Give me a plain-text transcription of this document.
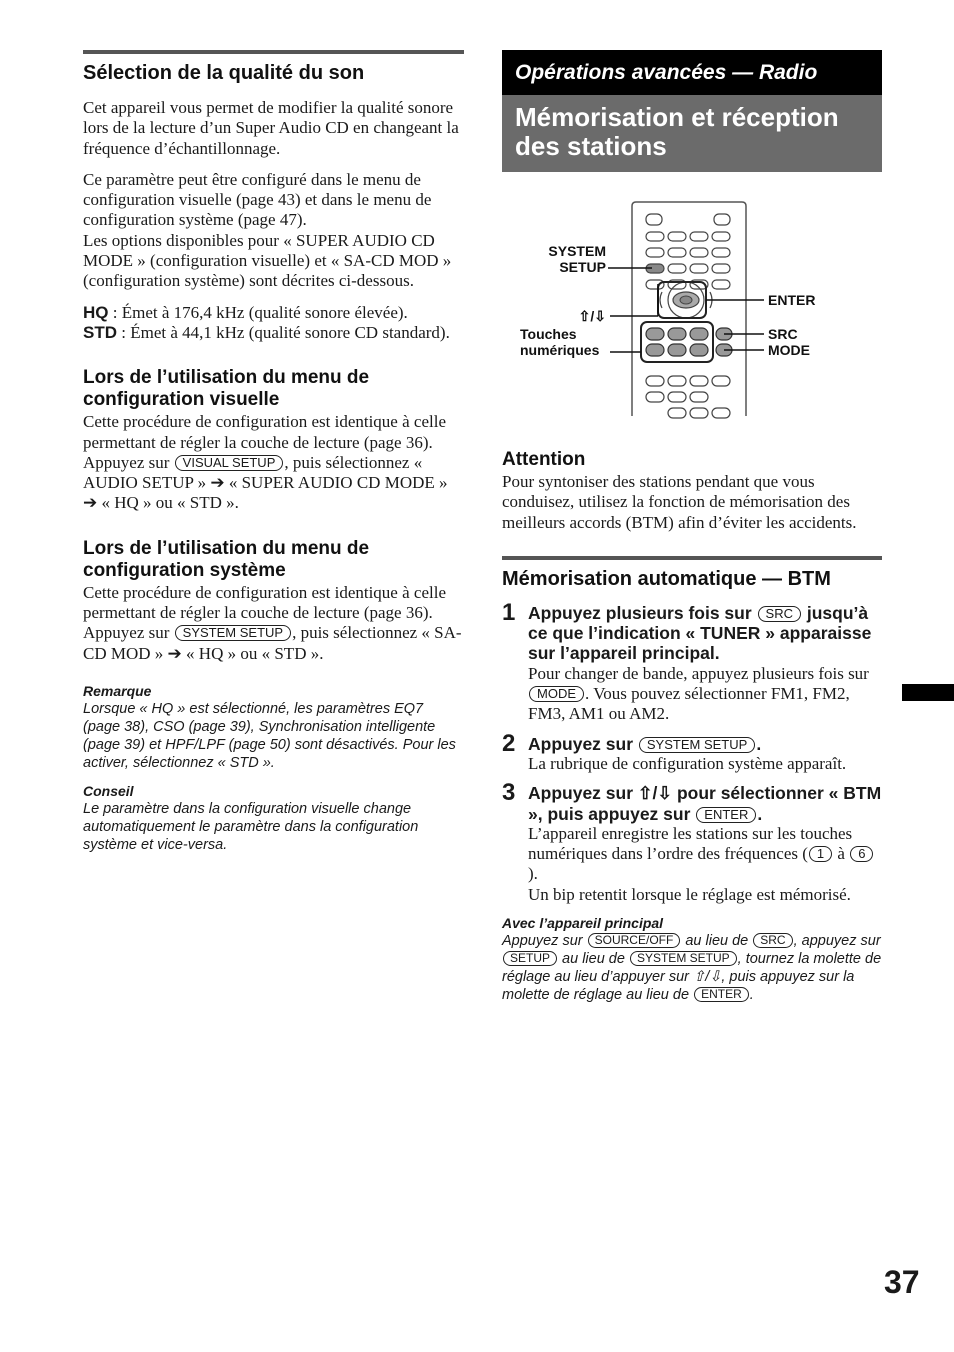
Sélection de la qualité du son

Cet appareil vous permet de modifier la qualité sonore lors de la lecture d’un Super Audio CD en changeant la fréquence d’échantillonnage.

Ce paramètre peut être configuré dans le menu de configuration visuelle (page 43) et dans le menu de configuration système (page 47).

Les options disponibles pour « SUPER AUDIO CD MODE » (configuration visuelle) et « SA-CD MOD » (configuration système) sont décrites ci-dessous.

HQ : Émet à 176,4 kHz (qualité sonore élevée).

STD : Émet à 44,1 kHz (qualité sonore CD standard).

Lors de l’utilisation du menu de configuration visuelle

Cette procédure de configuration est identique à celle permettant de régler la couche de lecture (page 36).

Appuyez sur VISUAL SETUP , puis sélectionnez « AUDIO SETUP » ➔ « SUPER AUDIO CD MODE » ➔ « HQ » ou « STD ».

Lors de l’utilisation du menu de configuration système

Cette procédure de configuration est identique à celle permettant de régler la couche de lecture (page 36).

Appuyez sur SYSTEM SETUP , puis sélectionnez « SA-CD MOD » ➔ « HQ » ou « STD ».

Remarque

Lorsque « HQ » est sélectionné, les paramètres EQ7 (page 38), CSO (page 39), Synchronisation intelligente (page 39) et HPF/LPF (page 50) sont désactivés. Pour les activer, sélectionnez « STD ».

Conseil

Le paramètre dans la configuration visuelle change automatiquement le paramètre dans la configuration système et vice-versa.

Opérations avancées — Radio
Mémorisation et réception des stations
SYSTEM
SETUP
⇧/⇩
Touches
numériques
ENTER
SRC
MODE
Attention

Pour syntoniser des stations pendant que vous conduisez, utilisez la fonction de mémorisation des meilleurs accords (BTM) afin d’éviter les accidents.

Mémorisation automatique — BTM
1 Appuyez plusieurs fois sur SRC jusqu’à ce que l’indication « TUNER » apparaisse sur l’appareil principal.

Pour changer de bande, appuyez plusieurs fois sur MODE . Vous pouvez sélectionner FM1, FM2, FM3, AM1 ou AM2.

2 Appuyez sur SYSTEM SETUP .

La rubrique de configuration système apparaît.

3 Appuyez sur ⇧/⇩ pour sélectionner « BTM », puis appuyez sur ENTER .

L’appareil enregistre les stations sur les touches numériques dans l’ordre des fréquences ( 1 à 6).

Un bip retentit lorsque le réglage est mémorisé.

Avec l’appareil principal

Appuyez sur SOURCE/OFF au lieu de SRC , appuyez sur SETUP au lieu de SYSTEM SETUP , tournez la molette de réglage au lieu d’appuyer sur ⇧/⇩, puis appuyez sur la molette de réglage au lieu de ENTER .

37
